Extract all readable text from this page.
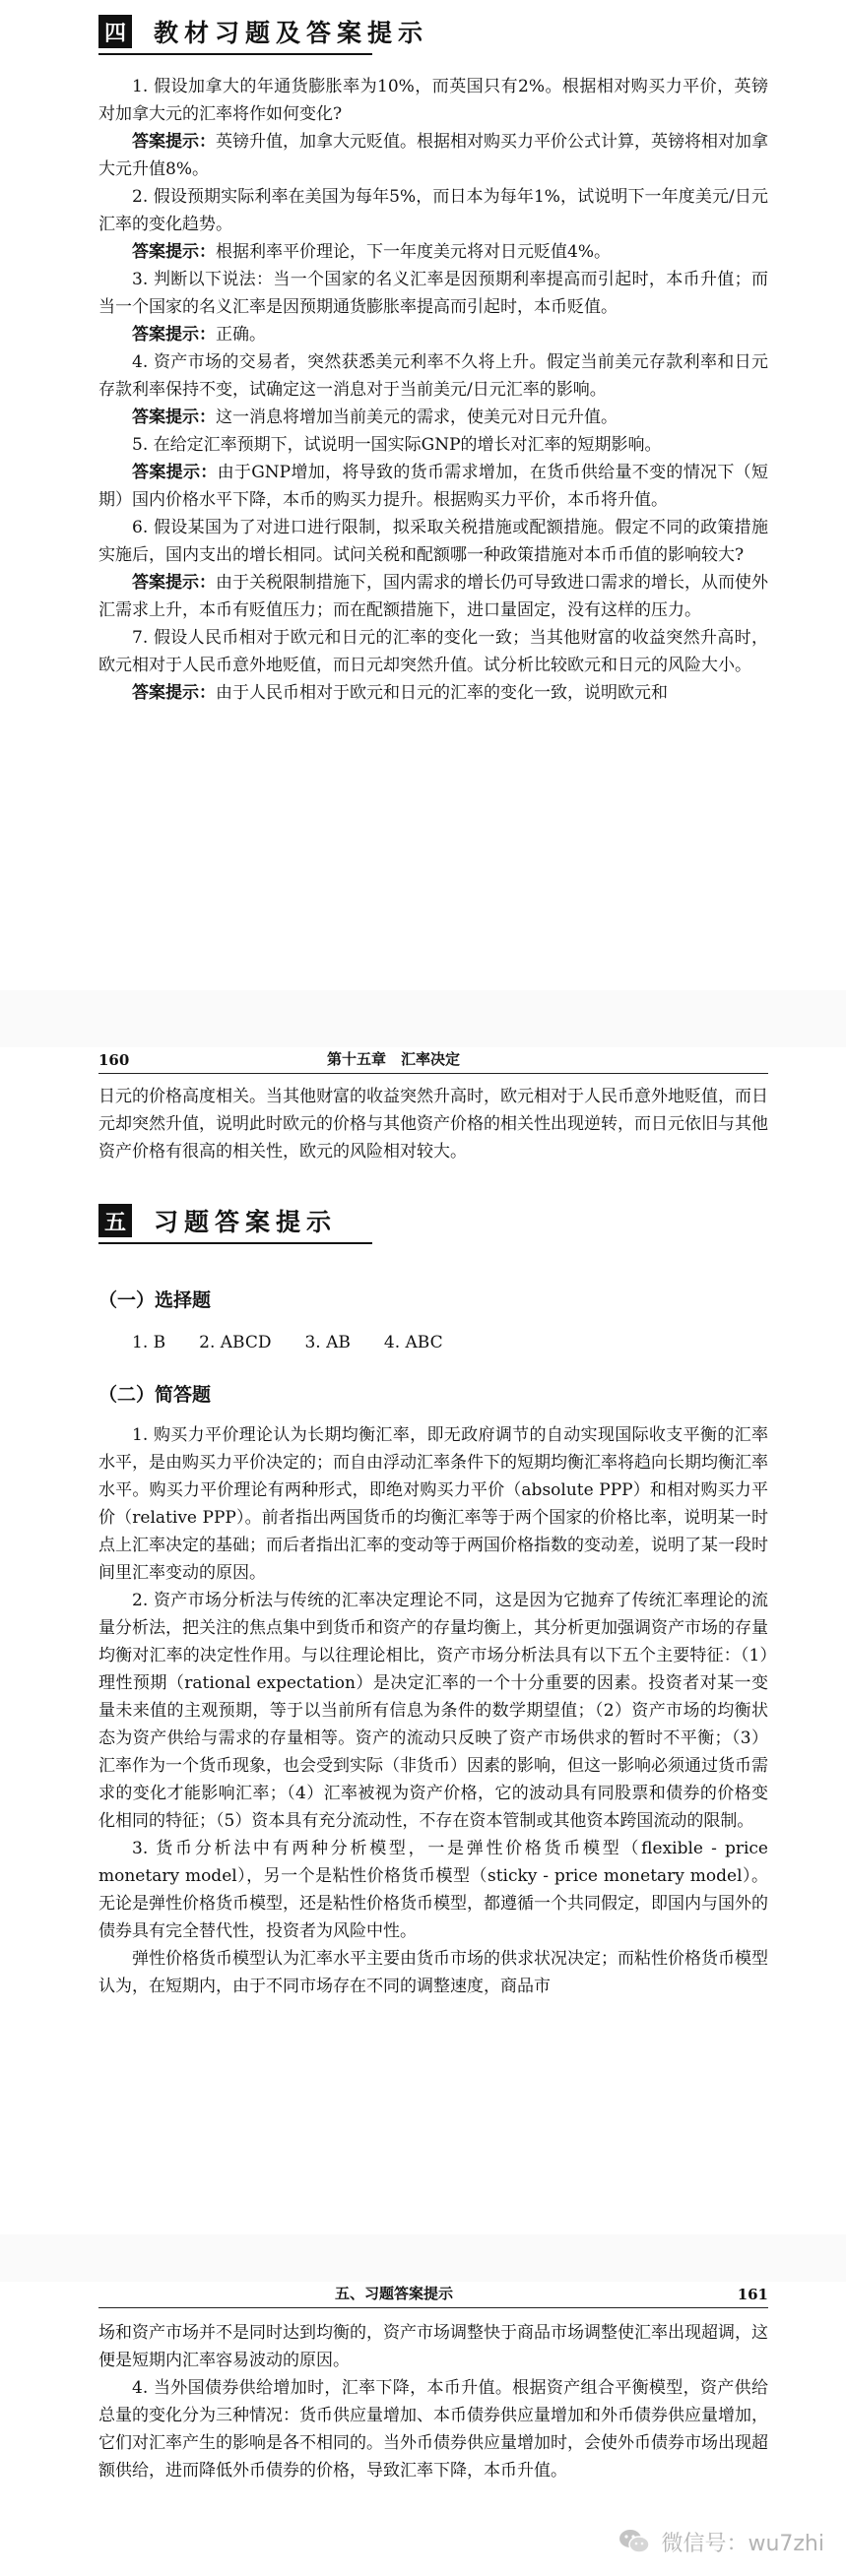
四 教材习题及答案提示

1. 假设加拿大的年通货膨胀率为10%，而英国只有2%。根据相对购买力平价，英镑对加拿大元的汇率将作如何变化?

答案提示：英镑升值，加拿大元贬值。根据相对购买力平价公式计算，英镑将相对加拿大元升值8%。

2. 假设预期实际利率在美国为每年5%，而日本为每年1%，试说明下一年度美元/日元汇率的变化趋势。

答案提示：根据利率平价理论，下一年度美元将对日元贬值4%。

3. 判断以下说法：当一个国家的名义汇率是因预期利率提高而引起时，本币升值；而当一个国家的名义汇率是因预期通货膨胀率提高而引起时，本币贬值。

答案提示：正确。

4. 资产市场的交易者，突然获悉美元利率不久将上升。假定当前美元存款利率和日元存款利率保持不变，试确定这一消息对于当前美元/日元汇率的影响。

答案提示：这一消息将增加当前美元的需求，使美元对日元升值。

5. 在给定汇率预期下，试说明一国实际GNP的增长对汇率的短期影响。

答案提示：由于GNP增加，将导致的货币需求增加，在货币供给量不变的情况下（短期）国内价格水平下降，本币的购买力提升。根据购买力平价，本币将升值。

6. 假设某国为了对进口进行限制，拟采取关税措施或配额措施。假定不同的政策措施实施后，国内支出的增长相同。试问关税和配额哪一种政策措施对本币币值的影响较大?

答案提示：由于关税限制措施下，国内需求的增长仍可导致进口需求的增长，从而使外汇需求上升，本币有贬值压力；而在配额措施下，进口量固定，没有这样的压力。

7. 假设人民币相对于欧元和日元的汇率的变化一致；当其他财富的收益突然升高时，欧元相对于人民币意外地贬值，而日元却突然升值。试分析比较欧元和日元的风险大小。

答案提示：由于人民币相对于欧元和日元的汇率的变化一致，说明欧元和

160	第十五章　汇率决定

日元的价格高度相关。当其他财富的收益突然升高时，欧元相对于人民币意外地贬值，而日元却突然升值，说明此时欧元的价格与其他资产价格的相关性出现逆转，而日元依旧与其他资产价格有很高的相关性，欧元的风险相对较大。

五 习题答案提示
（一）选择题
1. B 2. ABCD 3. AB 4. ABC
（二）简答题

1. 购买力平价理论认为长期均衡汇率，即无政府调节的自动实现国际收支平衡的汇率水平，是由购买力平价决定的；而自由浮动汇率条件下的短期均衡汇率将趋向长期均衡汇率水平。购买力平价理论有两种形式，即绝对购买力平价（absolute PPP）和相对购买力平价（relative PPP）。前者指出两国货币的均衡汇率等于两个国家的价格比率，说明某一时点上汇率决定的基础；而后者指出汇率的变动等于两国价格指数的变动差，说明了某一段时间里汇率变动的原因。

2. 资产市场分析法与传统的汇率决定理论不同，这是因为它抛弃了传统汇率理论的流量分析法，把关注的焦点集中到货币和资产的存量均衡上，其分析更加强调资产市场的存量均衡对汇率的决定性作用。与以往理论相比，资产市场分析法具有以下五个主要特征：（1）理性预期（rational expectation）是决定汇率的一个十分重要的因素。投资者对某一变量未来值的主观预期，等于以当前所有信息为条件的数学期望值；（2）资产市场的均衡状态为资产供给与需求的存量相等。资产的流动只反映了资产市场供求的暂时不平衡；（3）汇率作为一个货币现象，也会受到实际（非货币）因素的影响，但这一影响必须通过货币需求的变化才能影响汇率；（4）汇率被视为资产价格，它的波动具有同股票和债券的价格变化相同的特征；（5）资本具有充分流动性，不存在资本管制或其他资本跨国流动的限制。

3. 货币分析法中有两种分析模型，一是弹性价格货币模型（flexible - price monetary model），另一个是粘性价格货币模型（sticky - price monetary model）。无论是弹性价格货币模型，还是粘性价格货币模型，都遵循一个共同假定，即国内与国外的债券具有完全替代性，投资者为风险中性。

弹性价格货币模型认为汇率水平主要由货币市场的供求状况决定；而粘性价格货币模型认为，在短期内，由于不同市场存在不同的调整速度，商品市

五、习题答案提示	161

场和资产市场并不是同时达到均衡的，资产市场调整快于商品市场调整使汇率出现超调，这便是短期内汇率容易波动的原因。

4. 当外国债券供给增加时，汇率下降，本币升值。根据资产组合平衡模型，资产供给总量的变化分为三种情况：货币供应量增加、本币债券供应量增加和外币债券供应量增加，它们对汇率产生的影响是各不相同的。当外币债券供应量增加时，会使外币债券市场出现超额供给，进而降低外币债券的价格，导致汇率下降，本币升值。

微信号：wu7zhi
